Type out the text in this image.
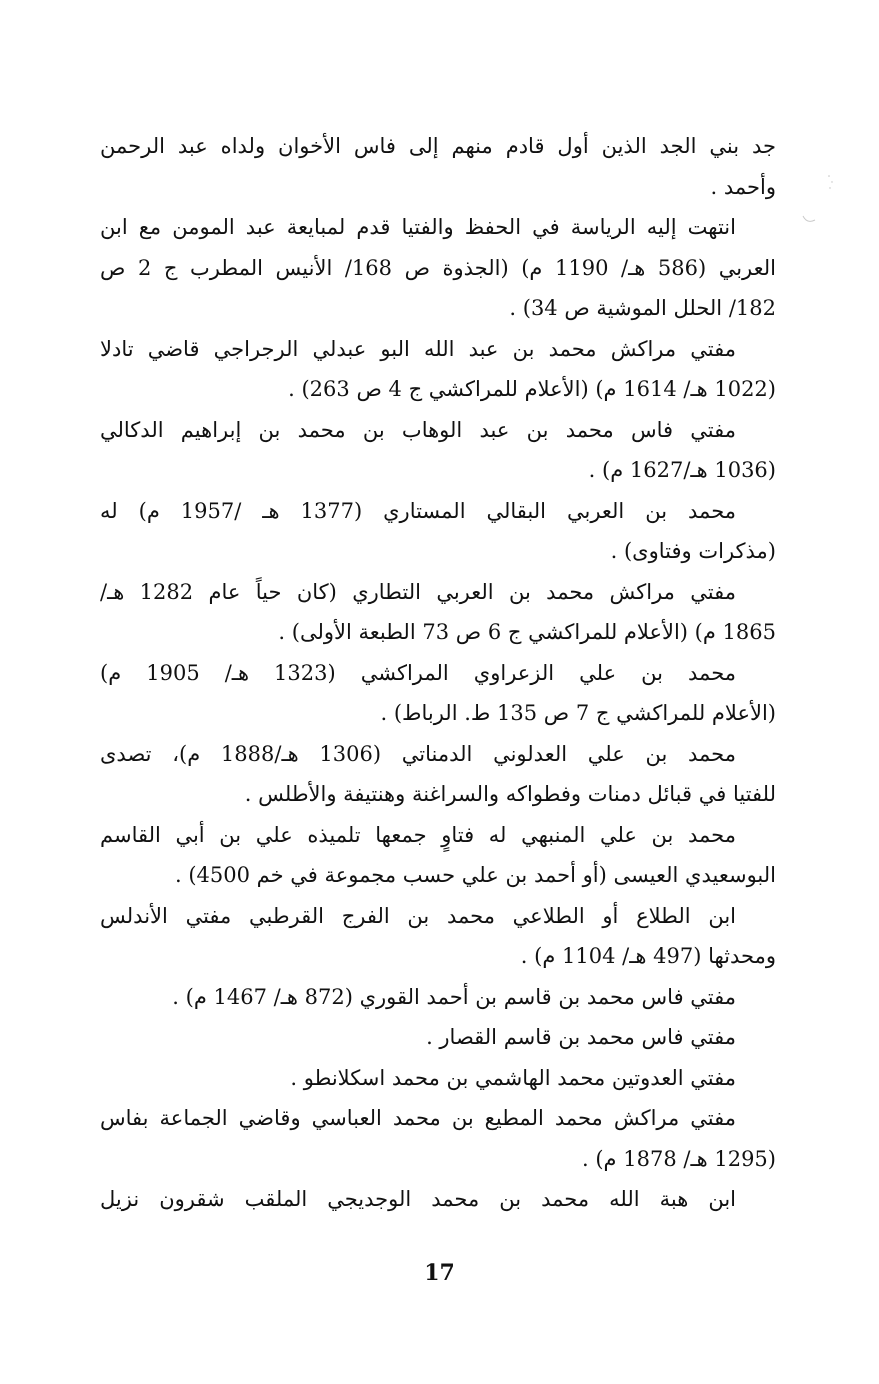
جد بني الجد الذين أول قادم منهم إلى فاس الأخوان ولداه عبد الرحمن
وأحمد .
انتهت إليه الرياسة في الحفظ والفتيا قدم لمبايعة عبد المومن مع ابن
العربي (586 هـ/ 1190 م) (الجذوة ص 168/ الأنيس المطرب ج 2 ص
182/ الحلل الموشية ص 34) .
مفتي مراكش محمد بن عبد الله البو عبدلي الرجراجي قاضي تادلا
(1022 هـ/ 1614 م) (الأعلام للمراكشي ج 4 ص 263) .
مفتي فاس محمد بن عبد الوهاب بن محمد بن إبراهيم الدكالي
(1036 هـ/1627 م) .
محمد بن العربي البقالي المستاري (1377 هـ /1957 م) له
(مذكرات وفتاوى) .
مفتي مراكش محمد بن العربي التطاري (كان حياً عام 1282 هـ/
1865 م) (الأعلام للمراكشي ج 6 ص 73 الطبعة الأولى) .
محمد بن علي الزعراوي المراكشي (1323 هـ/ 1905 م)
(الأعلام للمراكشي ج 7 ص 135 ط. الرباط) .
محمد بن علي العدلوني الدمناتي (1306 هـ/1888 م)، تصدى
للفتيا في قبائل دمنات وفطواكه والسراغنة وهنتيفة والأطلس .
محمد بن علي المنبهي له فتاوٍ جمعها تلميذه علي بن أبي القاسم
البوسعيدي العيسى (أو أحمد بن علي حسب مجموعة في خم 4500) .
ابن الطلاع أو الطلاعي محمد بن الفرج القرطبي مفتي الأندلس
ومحدثها (497 هـ/ 1104 م) .
مفتي فاس محمد بن قاسم بن أحمد القوري (872 هـ/ 1467 م) .
مفتي فاس محمد بن قاسم القصار .
مفتي العدوتين محمد الهاشمي بن محمد اسكلانطو .
مفتي مراكش محمد المطيع بن محمد العباسي وقاضي الجماعة بفاس
(1295 هـ/ 1878 م) .
ابن هبة الله محمد بن محمد الوجديجي الملقب شقرون نزيل
17
